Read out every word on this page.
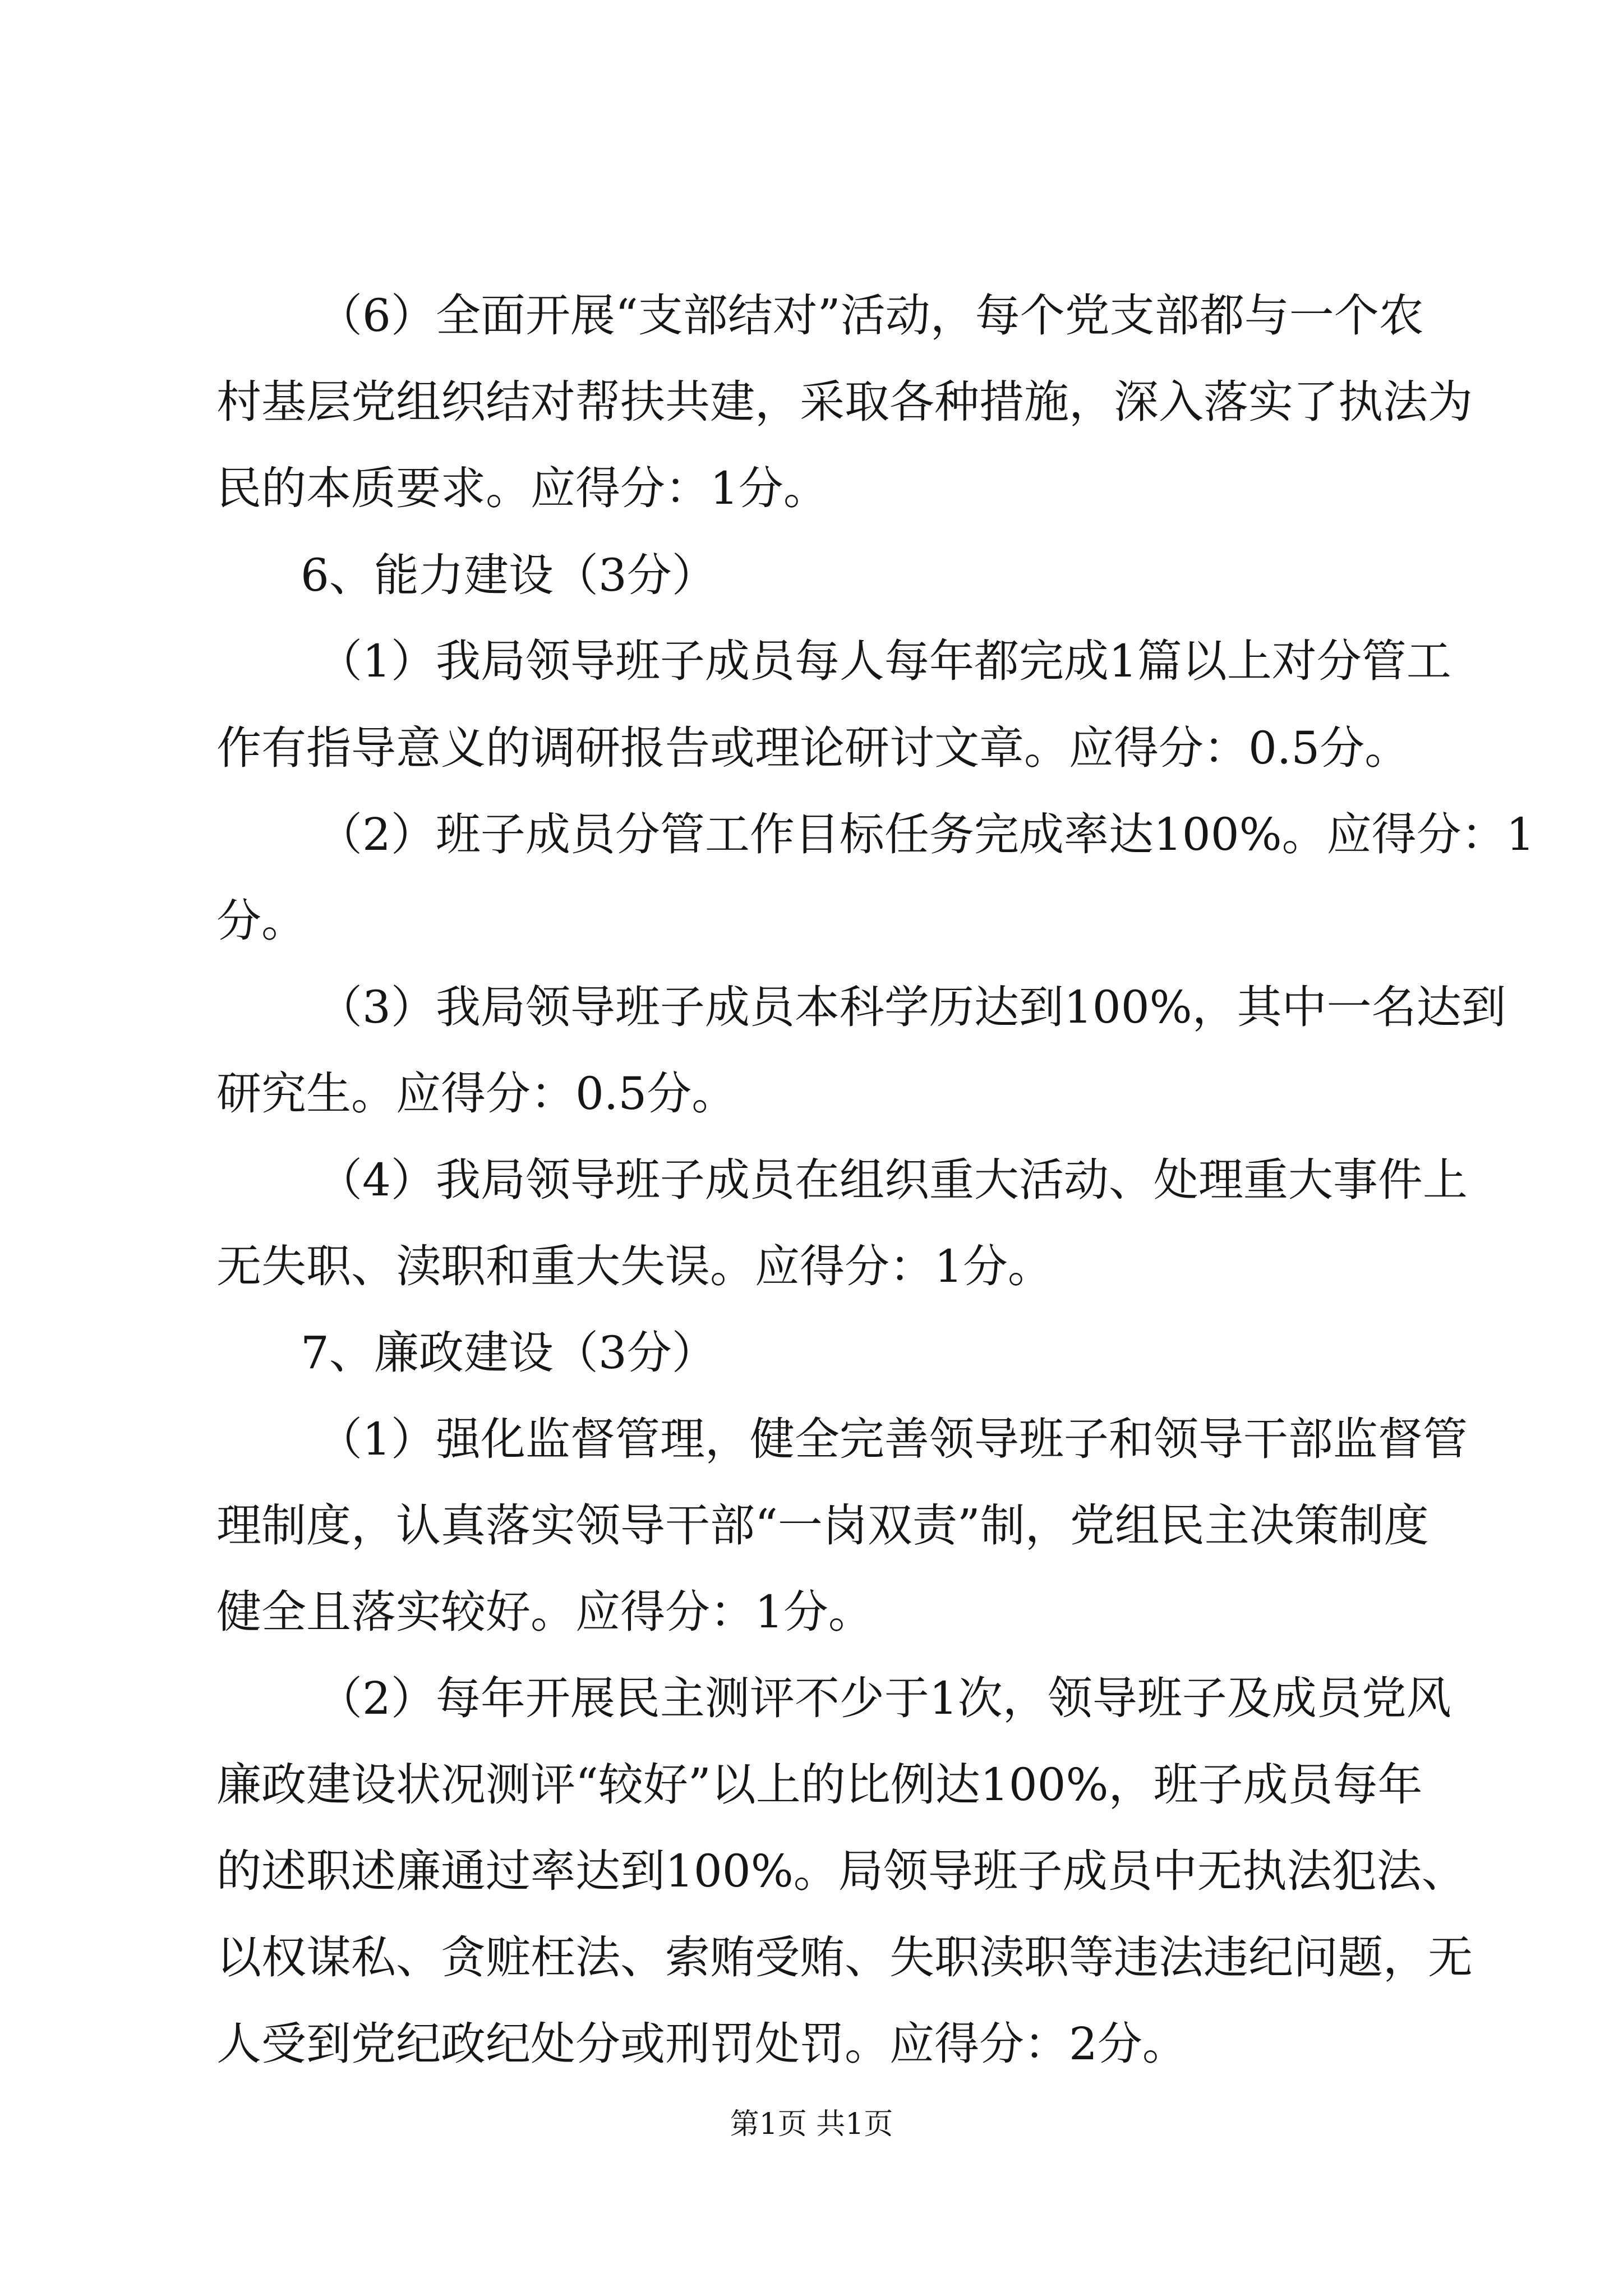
（6）全面开展“支部结对”活动，每个党支部都与一个农
村基层党组织结对帮扶共建，采取各种措施，深入落实了执法为
民的本质要求。应得分：1分。
6、能力建设（3分）
（1）我局领导班子成员每人每年都完成1篇以上对分管工
作有指导意义的调研报告或理论研讨文章。应得分：0.5分。
（2）班子成员分管工作目标任务完成率达100%。应得分：1
分。
（3）我局领导班子成员本科学历达到100%，其中一名达到
研究生。应得分：0.5分。
（4）我局领导班子成员在组织重大活动、处理重大事件上
无失职、渎职和重大失误。应得分：1分。
7、廉政建设（3分）
（1）强化监督管理，健全完善领导班子和领导干部监督管
理制度，认真落实领导干部“一岗双责”制，党组民主决策制度
健全且落实较好。应得分：1分。
（2）每年开展民主测评不少于1次，领导班子及成员党风
廉政建设状况测评“较好”以上的比例达100%，班子成员每年
的述职述廉通过率达到100%。局领导班子成员中无执法犯法、
以权谋私、贪赃枉法、索贿受贿、失职渎职等违法违纪问题，无
人受到党纪政纪处分或刑罚处罚。应得分：2分。
第1页 共1页
